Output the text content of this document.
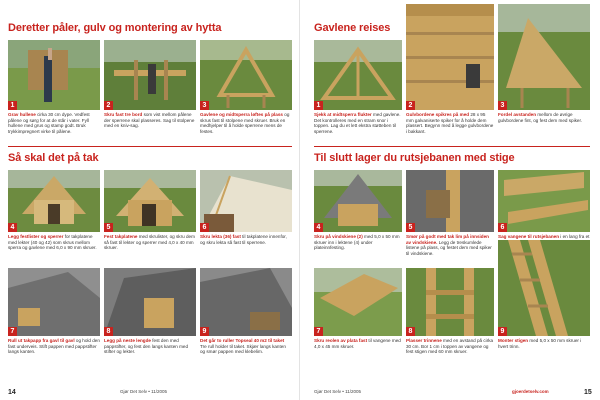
Deretter påler, gulv og montering av hytta
1
Grav hullene cirka 30 cm dype. Vedfest pålene og sørg for at de står i vater. Fyll hullene med grus og stamp godt. Bruk trykkimpregnert virke til pålene.
2
Skru fast tre bord som vist mellom pålene der sperrene skal plasseres. Sag til stolpene med en kniv-sag.
3
Gavlene og midtsperra løftes på plass og skrus fast til stolpene med skruer. Bruk en medhjelper til å holde sperrene mens de festes.
Så skal det på tak
4
Legg festlister og sperrer for takplatene med lekter (40 og 42) som skrus mellom sperra og gavlene med 6,0 x 90 mm skruer.
5
Fest takplatene med skrulister, og skru dem så fast til lekter og sperrer med 4,0 x 40 mm skruer.
6
Skru lekta (36) fast til takplatene innenfor, og skru lekta så fast til sperrene.
7
Rull ut takpapp fra gavl til gavl og hold den fast underveis. Stift pappen med pappstifter langs kanten.
8
Legg på neste lengde fest den med pappstifter, og fest den langs kanten med stifter og lekter.
9
Det går to ruller Topseal 40 m2 til taket Tre rull holder til taket. Skjær langs kanten og smør pappen med klebelim.
14	Gjør Det Selv • 11/2005
Gavlene reises
1
Sjekk at midtsperra flukter med gavlene. Det kontrolleres med en stram snor i toppen. Lag du et lett ekstra støtteben til sperrene.
2
Gulvbordene spikres på med 28 x 95 mm galvaniserte spiker for å holde dem plassert. Begynn med å legge gulvbordene i bakkant.
3
Fordel avstanden mellom de øvrige gulvbordene fint, og fest dem med spiker.
Til slutt lager du rutsjebanen med stige
4
Skru på vindskiene (2) med 5,0 x 50 mm skruer inn i lektene (4) under plateinnfesting.
5
Smør på godt med tak lim på innsiden av vindskiene. Legg de treskumlede listene på plass, og festet dem med spiker til vindskiene.
6
Sag vangene til rutsjebanen i en lang fra et
7
Skru reolen av plata fast til vangene med 4,0 x 45 mm skruer.
8
Plasser trinnene med en avstand på cirka 30 cm. Bor 1 cm i toppen av vangene og fest stigen med 60 mm skruer.
9
Monter stigen med 5,0 x 50 mm skruer i hvert trinn.
Gjør Det Selv • 11/2005	gjoerdetselv.com	15
